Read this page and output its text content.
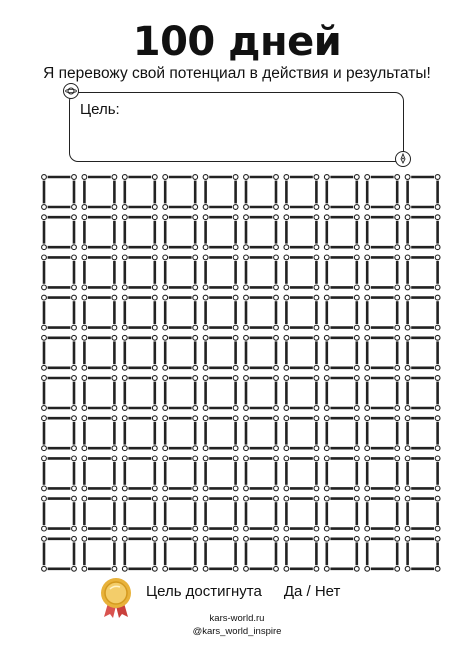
100 дней
Я перевожу свой потенциал в действия и результаты!
Цель:
Цель достигнута Да / Нет
kars-world.ru
@kars_world_inspire
